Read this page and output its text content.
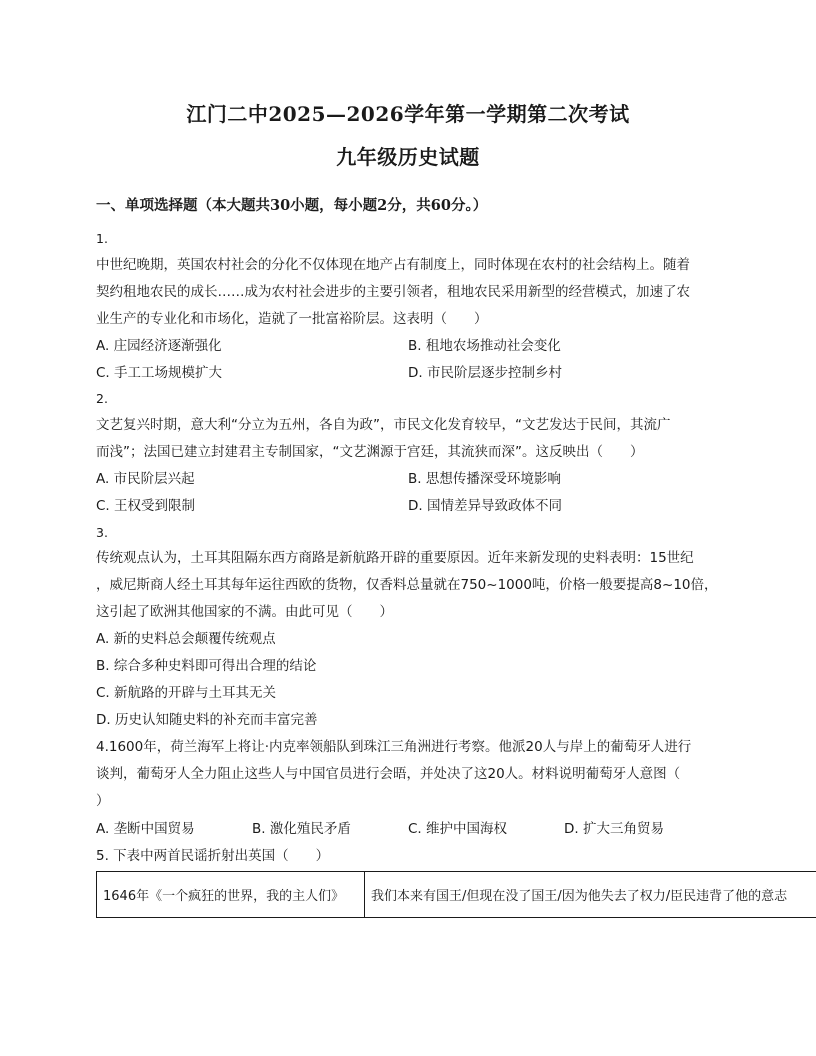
江门二中2025—2026学年第一学期第二次考试
九年级历史试题
一、单项选择题（本大题共30小题，每小题2分，共60分。）
1.
中世纪晚期，英国农村社会的分化不仅体现在地产占有制度上，同时体现在农村的社会结构上。随着
契约租地农民的成长……成为农村社会进步的主要引领者，租地农民采用新型的经营模式，加速了农
业生产的专业化和市场化，造就了一批富裕阶层。这表明（　　）
A. 庄园经济逐渐强化	B. 租地农场推动社会变化
C. 手工工场规模扩大	D. 市民阶层逐步控制乡村
2.
文艺复兴时期，意大利“分立为五州，各自为政”，市民文化发育较早，“文艺发达于民间，其流广
而浅”；法国已建立封建君主专制国家，“文艺渊源于宫廷，其流狭而深”。这反映出（　　）
A. 市民阶层兴起	B. 思想传播深受环境影响
C. 王权受到限制	D. 国情差异导致政体不同
3.
传统观点认为，土耳其阻隔东西方商路是新航路开辟的重要原因。近年来新发现的史料表明：15世纪
，威尼斯商人经土耳其每年运往西欧的货物，仅香料总量就在750~1000吨，价格一般要提高8~10倍，
这引起了欧洲其他国家的不满。由此可见（　　）
A. 新的史料总会颠覆传统观点
B. 综合多种史料即可得出合理的结论
C. 新航路的开辟与土耳其无关
D. 历史认知随史料的补充而丰富完善
4.1600年，荷兰海军上将让·内克率领船队到珠江三角洲进行考察。他派20人与岸上的葡萄牙人进行
谈判，葡萄牙人全力阻止这些人与中国官员进行会晤，并处决了这20人。材料说明葡萄牙人意图（
）
A. 垄断中国贸易	B. 激化殖民矛盾	C. 维护中国海权	D. 扩大三角贸易
5. 下表中两首民谣折射出英国（　　）
1646年《一个疯狂的世界，我的主人们》	我们本来有国王/但现在没了国王/因为他失去了权力/臣民违背了他的意志
